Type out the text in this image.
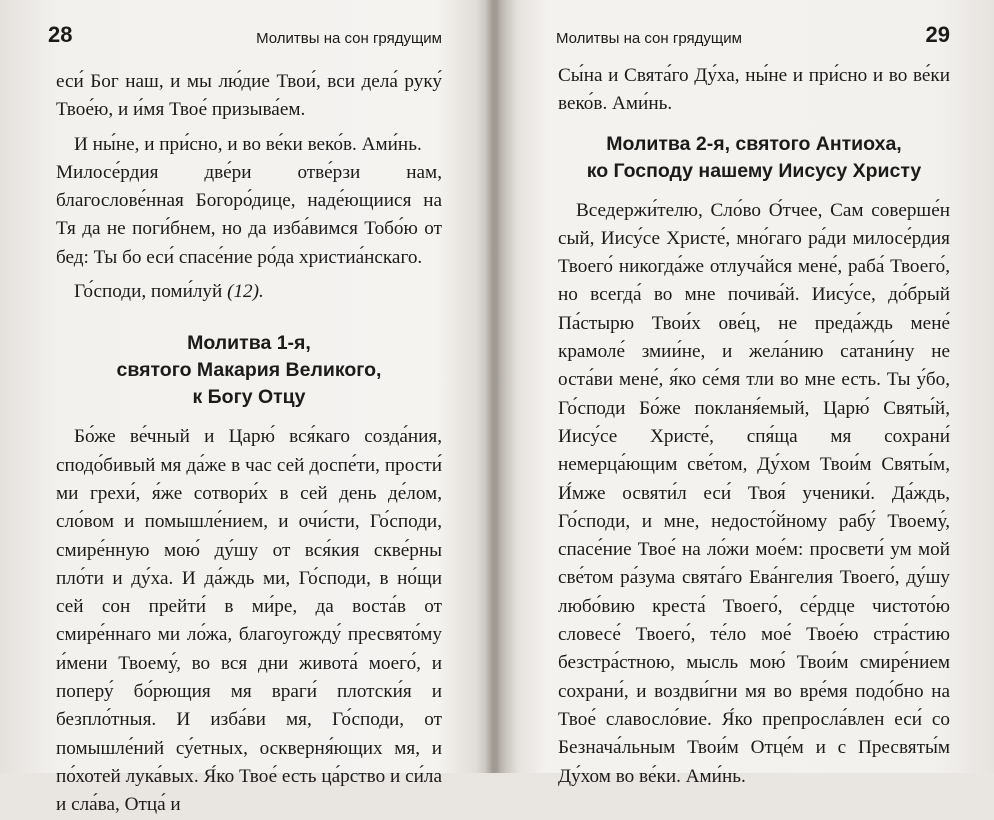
28	Молитвы на сон грядущим

еси́ Бог наш, и мы лю́дие Твои́, вси дела́ руку́ Твое́ю, и и́мя Твое́ призыва́ем.

И ны́не, и при́сно, и во ве́ки веко́в. Ами́нь.

Милосе́рдия две́ри отве́рзи нам, благослове́нная Богоро́дице, наде́ющиися на Тя да не поги́бнем, но да изба́вимся Тобо́ю от бед: Ты бо еси́ спасе́ние ро́да христиа́нскаго.

Го́споди, поми́луй (12).

Молитва 1-я,
святого Макария Великого,
к Богу Отцу

Бо́же ве́чный и Царю́ вся́каго созда́ния, сподо́бивый мя да́же в час сей доспе́ти, прости́ ми грехи́, я́же сотвори́х в сей день де́лом, сло́вом и помышле́нием, и очи́сти, Го́споди, смире́нную мою́ ду́шу от вся́кия скве́рны пло́ти и ду́ха. И да́ждь ми, Го́споди, в но́щи сей сон прейти́ в ми́ре, да воста́в от смире́ннаго ми ло́жа, благоугожду́ пресвято́му и́мени Твоему́, во вся дни живота́ моего́, и поперу́ бо́рющия мя враги́ плотски́я и безпло́тныя. И изба́ви мя, Го́споди, от помышле́ний су́етных, оскверня́ющих мя, и по́хотей лука́вых. Я́ко Твое́ есть ца́рство и си́ла и сла́ва, Отца́ и

Молитвы на сон грядущим	29

Сы́на и Свята́го Ду́ха, ны́не и при́сно и во ве́ки веко́в. Ами́нь.

Молитва 2-я, святого Антиоха,
ко Господу нашему Иисусу Христу

Вседержи́телю, Сло́во О́тчее, Сам соверше́н сый, Иису́се Христе́, мно́гаго ра́ди милосе́рдия Твоего́ никогда́же отлуча́йся мене́, раба́ Твоего́, но всегда́ во мне почива́й. Иису́се, до́брый Па́стырю Твои́х ове́ц, не преда́ждь мене́ крамоле́ змии́не, и жела́нию сатани́ну не оста́ви мене́, я́ко се́мя тли во мне есть. Ты у́бо, Го́споди Бо́же покланя́емый, Царю́ Святы́й, Иису́се Христе́, спя́ща мя сохрани́ немерца́ющим све́том, Ду́хом Твои́м Святы́м, И́мже освяти́л еси́ Твоя́ ученики́. Да́ждь, Го́споди, и мне, недосто́йному рабу́ Твоему́, спасе́ние Твое́ на ло́жи мое́м: просвети́ ум мой све́том ра́зума свята́го Ева́нгелия Твоего́, ду́шу любо́вию креста́ Твоего́, се́рдце чистото́ю словесе́ Твоего́, те́ло мое́ Твое́ю стра́стию безстра́стною, мысль мою́ Твои́м смире́нием сохрани́, и воздви́гни мя во вре́мя подо́бно на Твое́ славосло́вие. Я́ко препросла́влен еси́ со Безнача́льным Твои́м Отце́м и с Пресвяты́м Ду́хом во ве́ки. Ами́нь.
